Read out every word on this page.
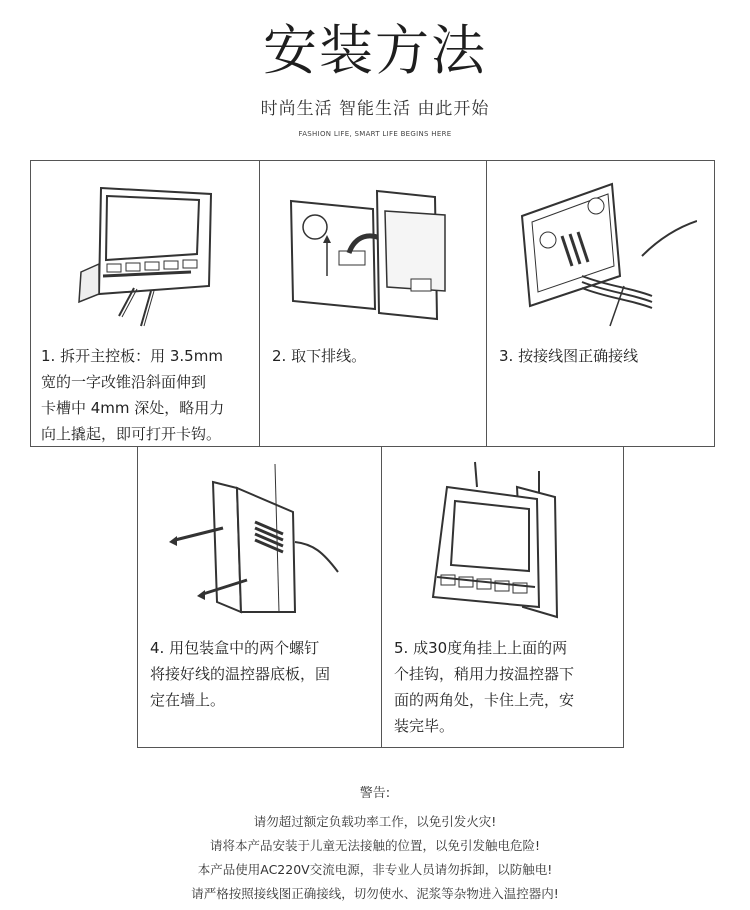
安装方法
时尚生活 智能生活 由此开始
FASHION LIFE, SMART LIFE BEGINS HERE
1. 拆开主控板：用 3.5mm
宽的一字改锥沿斜面伸到
卡槽中 4mm 深处，略用力
向上撬起，即可打开卡钩。
2. 取下排线。	3. 按接线图正确接线
4. 用包装盒中的两个螺钉
将接好线的温控器底板，固
定在墙上。
5. 成30度角挂上上面的两
个挂钩，稍用力按温控器下
面的两角处，卡住上壳，安
装完毕。
警告:
请勿超过额定负载功率工作，以免引发火灾!
请将本产品安装于儿童无法接触的位置，以免引发触电危险!
本产品使用AC220V交流电源，非专业人员请勿拆卸，以防触电!
请严格按照接线图正确接线，切勿使水、泥浆等杂物进入温控器内!
